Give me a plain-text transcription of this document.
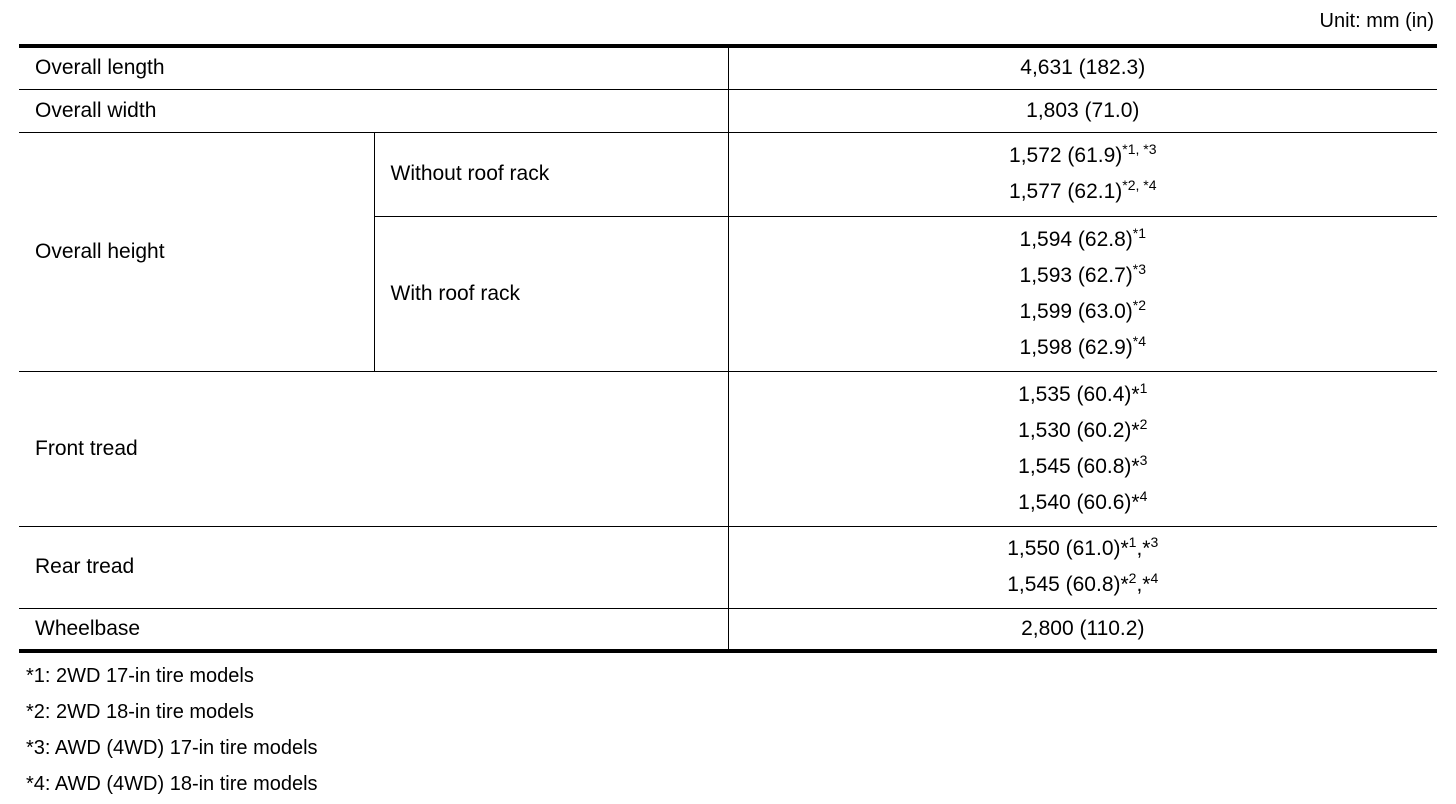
Unit: mm (in)
Overall length		4,631 (182.3)
Overall width		1,803 (71.0)
Overall height	Without roof rack	1,572 $(61.9)^{*1, *3}$
1,577 $(62.1)^{*2, *4}$

	With roof rack	1,594 $(62.8)^{*1}$
1,593 $(62.7)^{*3}$
1,599 $(63.0)^{*2}$
1,598 $(62.9)^{*4}$

Front tread		1,535 (60.4)*$^1$
1,530 (60.2)*$^2$
1,545 (60.8)*$^3$
1,540 (60.6)*$^4$

Rear tread		1,550 (61.0)*$^1$,*$^3$
1,545 (60.8)*$^2$,*$^4$

Wheelbase		2,800 (110.2)
*1: 2WD 17-in tire models
*2: 2WD 18-in tire models
*3: AWD (4WD) 17-in tire models
*4: AWD (4WD) 18-in tire models
